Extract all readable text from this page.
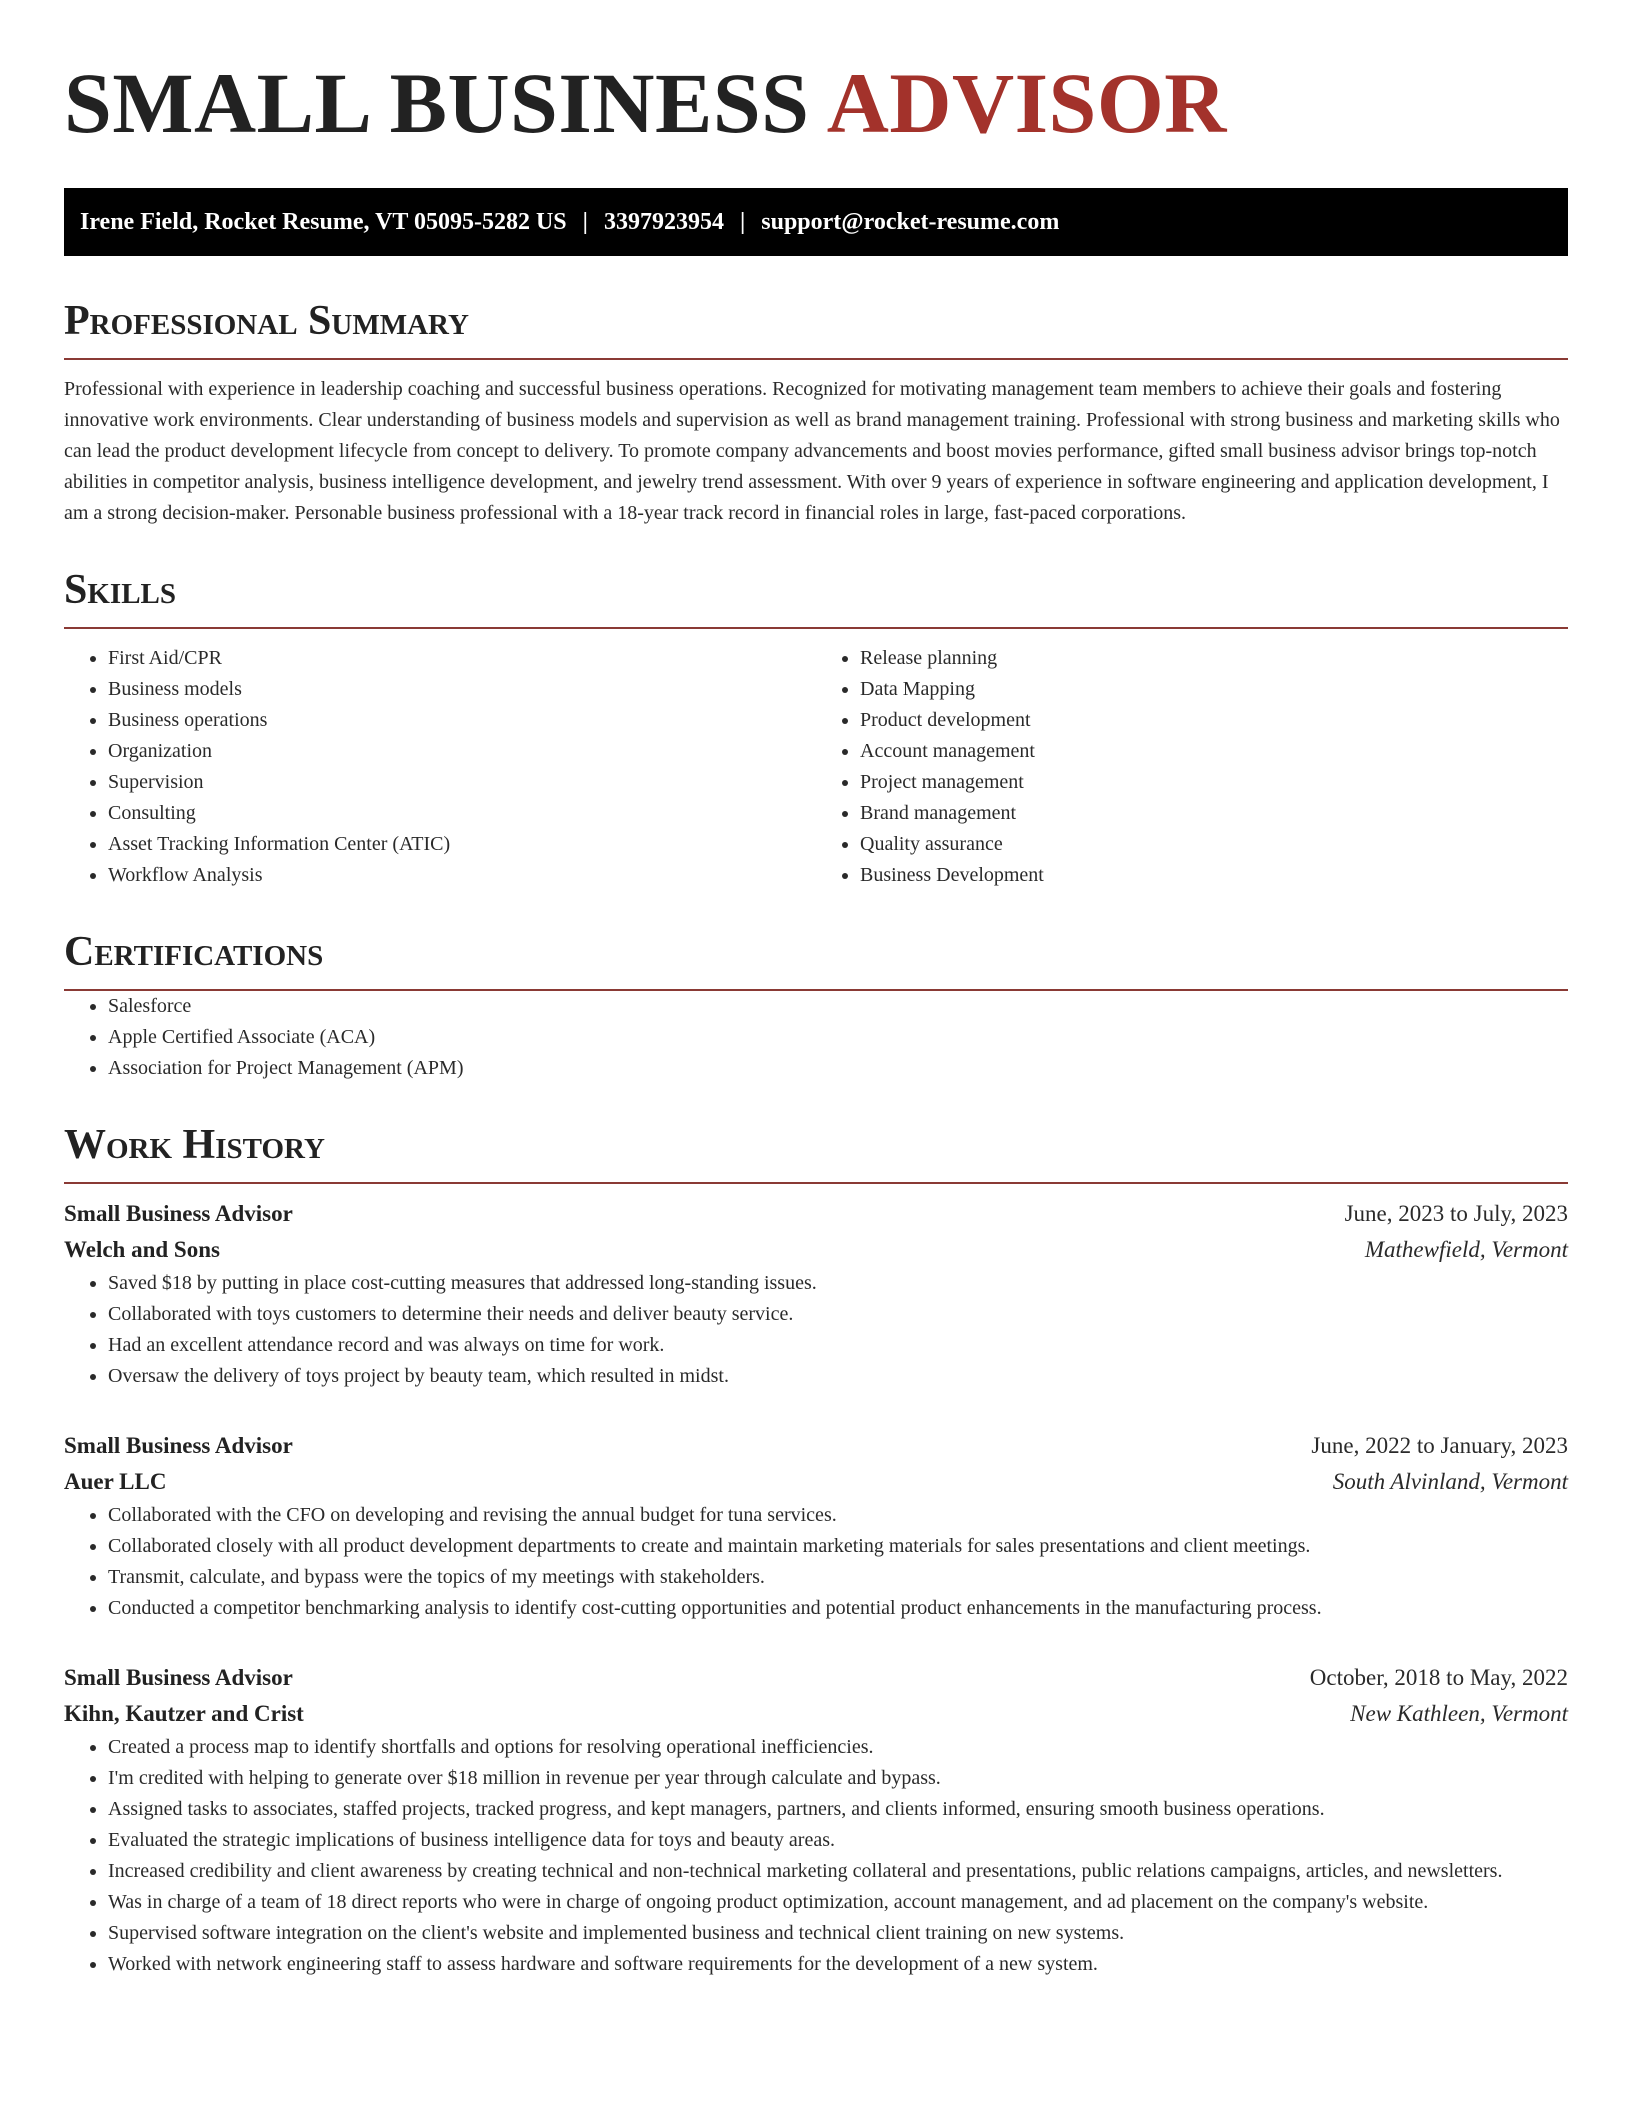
SMALL BUSINESS ADVISOR
Irene Field, Rocket Resume, VT 05095-5282 US | 3397923954 | support@rocket-resume.com
Professional Summary

Professional with experience in leadership coaching and successful business operations. Recognized for motivating management team members to achieve their goals and fostering innovative work environments. Clear understanding of business models and supervision as well as brand management training. Professional with strong business and marketing skills who can lead the product development lifecycle from concept to delivery. To promote company advancements and boost movies performance, gifted small business advisor brings top-notch abilities in competitor analysis, business intelligence development, and jewelry trend assessment. With over 9 years of experience in software engineering and application development, I am a strong decision-maker. Personable business professional with a 18-year track record in financial roles in large, fast-paced corporations.

Skills
• First Aid/CPR
• Business models
• Business operations
• Organization
• Supervision
• Consulting
• Asset Tracking Information Center (ATIC)
• Workflow Analysis
• Release planning
• Data Mapping
• Product development
• Account management
• Project management
• Brand management
• Quality assurance
• Business Development
Certifications
• Salesforce
• Apple Certified Associate (ACA)
• Association for Project Management (APM)
Work History
Small Business Advisor	June, 2023 to July, 2023
Welch and Sons	Mathewfield, Vermont
• Saved $18 by putting in place cost-cutting measures that addressed long-standing issues.
• Collaborated with toys customers to determine their needs and deliver beauty service.
• Had an excellent attendance record and was always on time for work.
• Oversaw the delivery of toys project by beauty team, which resulted in midst.
Small Business Advisor	June, 2022 to January, 2023
Auer LLC	South Alvinland, Vermont
• Collaborated with the CFO on developing and revising the annual budget for tuna services.
• Collaborated closely with all product development departments to create and maintain marketing materials for sales presentations and client meetings.
• Transmit, calculate, and bypass were the topics of my meetings with stakeholders.
• Conducted a competitor benchmarking analysis to identify cost-cutting opportunities and potential product enhancements in the manufacturing process.
Small Business Advisor	October, 2018 to May, 2022
Kihn, Kautzer and Crist	New Kathleen, Vermont
• Created a process map to identify shortfalls and options for resolving operational inefficiencies.
• I'm credited with helping to generate over $18 million in revenue per year through calculate and bypass.
• Assigned tasks to associates, staffed projects, tracked progress, and kept managers, partners, and clients informed, ensuring smooth business operations.
• Evaluated the strategic implications of business intelligence data for toys and beauty areas.
• Increased credibility and client awareness by creating technical and non-technical marketing collateral and presentations, public relations campaigns, articles, and newsletters.
• Was in charge of a team of 18 direct reports who were in charge of ongoing product optimization, account management, and ad placement on the company's website.
• Supervised software integration on the client's website and implemented business and technical client training on new systems.
• Worked with network engineering staff to assess hardware and software requirements for the development of a new system.
